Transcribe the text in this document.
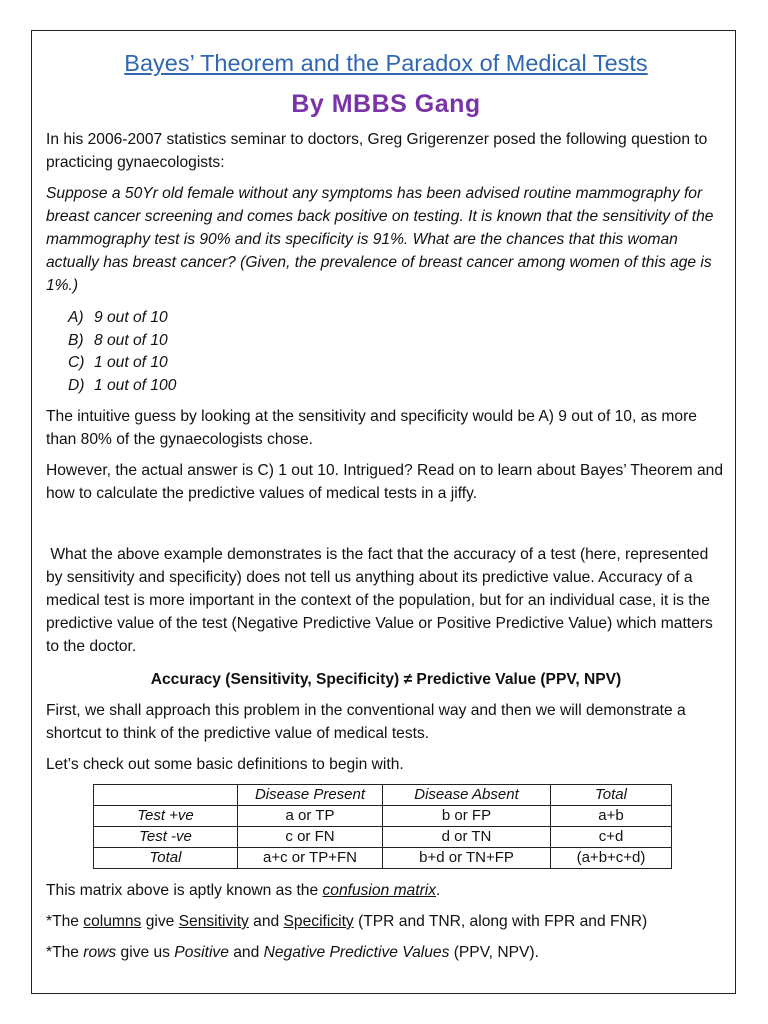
Bayes’ Theorem and the Paradox of Medical Tests
By MBBS Gang

In his 2006-2007 statistics seminar to doctors, Greg Grigerenzer posed the following question to practicing gynaecologists:

Suppose a 50Yr old female without any symptoms has been advised routine mammography for breast cancer screening and comes back positive on testing. It is known that the sensitivity of the mammography test is 90% and its specificity is 91%. What are the chances that this woman actually has breast cancer? (Given, the prevalence of breast cancer among women of this age is 1%.)

A) 9 out of 10
B) 8 out of 10
C) 1 out of 10
D) 1 out of 100

The intuitive guess by looking at the sensitivity and specificity would be A) 9 out of 10, as more than 80% of the gynaecologists chose.

However, the actual answer is C) 1 out 10. Intrigued? Read on to learn about Bayes’ Theorem and how to calculate the predictive values of medical tests in a jiffy.

What the above example demonstrates is the fact that the accuracy of a test (here, represented by sensitivity and specificity) does not tell us anything about its predictive value. Accuracy of a medical test is more important in the context of the population, but for an individual case, it is the predictive value of the test (Negative Predictive Value or Positive Predictive Value) which matters to the doctor.

Accuracy (Sensitivity, Specificity) ≠ Predictive Value (PPV, NPV)

First, we shall approach this problem in the conventional way and then we will demonstrate a shortcut to think of the predictive value of medical tests.

Let’s check out some basic definitions to begin with.

	Disease Present	Disease Absent	Total
Test +ve	a or TP	b or FP	a+b
Test -ve	c or FN	d or TN	c+d
Total	a+c or TP+FN	b+d or TN+FP	(a+b+c+d)

This matrix above is aptly known as the confusion matrix.

*The columns give Sensitivity and Specificity (TPR and TNR, along with FPR and FNR)

*The rows give us Positive and Negative Predictive Values (PPV, NPV).
